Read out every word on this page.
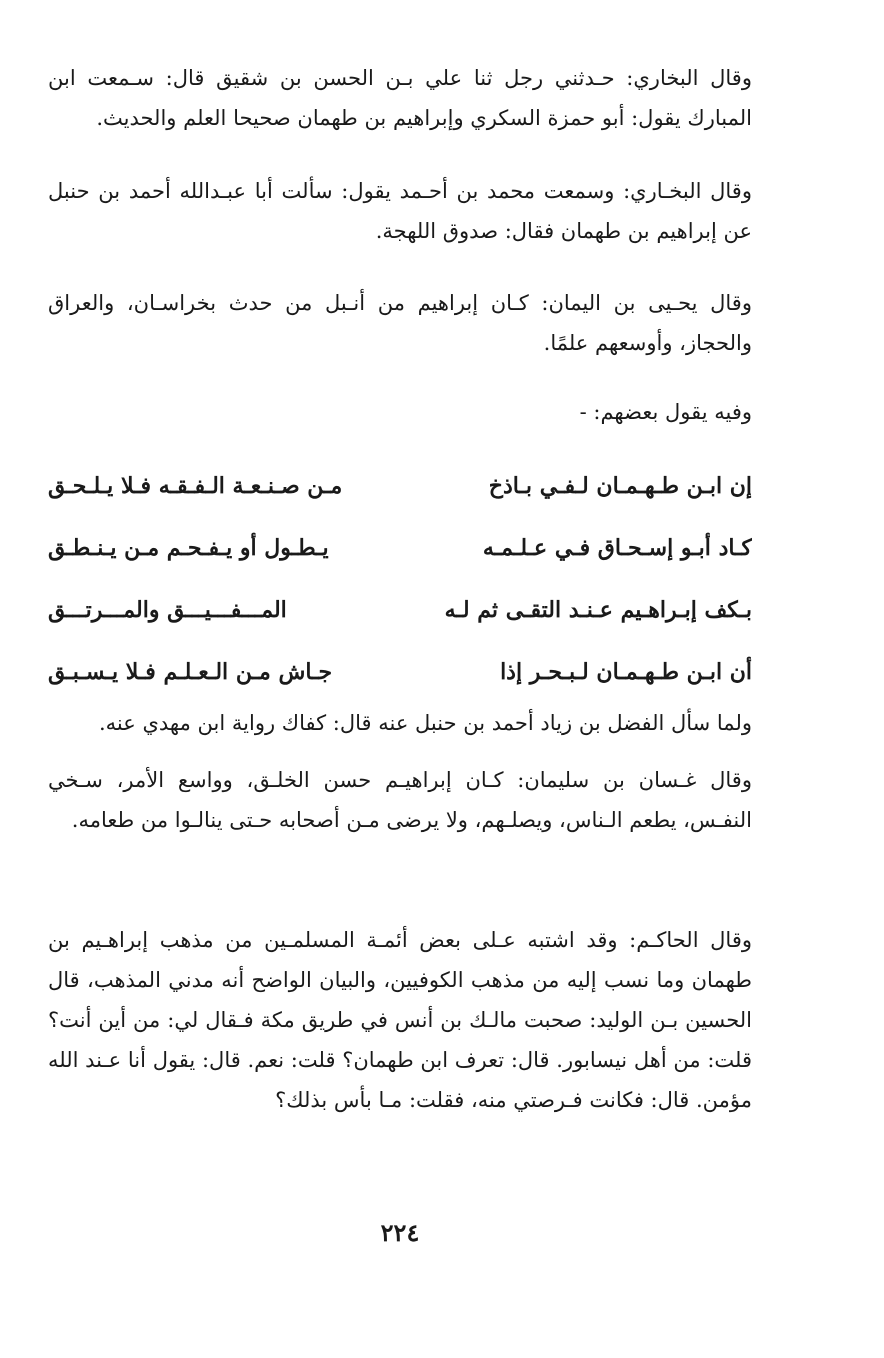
وقال البخاري: حـدثني رجل ثنا علي بـن الحسن بن شقيق قال: سـمعت ابن المبارك يقول: أبو حمزة السكري وإبراهيم بن طهمان صحيحا العلم والحديث.

وقال البخـاري: وسمعت محمد بن أحـمد يقول: سألت أبا عبـدالله أحمد بن حنبل عن إبراهيم بن طهمان فقال: صدوق اللهجة.

وقال يحـيى بن اليمان: كـان إبراهيم من أنـبل من حدث بخراسـان، والعراق والحجاز، وأوسعهم علمًا.

وفيه يقول بعضهم: -

إن ابـن طـهـمـان لـفـي بـاذخ
مـن صـنـعـة الـفـقـه فـلا يـلـحـق
كـاد أبـو إسـحـاق فـي عـلـمـه
يـطـول أو يـفـحـم مـن يـنـطـق
بـكف إبـراهـيم عـنـد التقـى ثم لـه
المـــفـــيـــق والمـــرتـــق
أن ابـن طـهـمـان لـبـحـر إذا
جـاش مـن الـعـلـم فـلا يـسـبـق

ولما سأل الفضل بن زياد أحمد بن حنبل عنه قال: كفاك رواية ابن مهدي عنه.

وقال غـسان بن سليمان: كـان إبراهيـم حسن الخلـق، وواسع الأمر، سـخي النفـس، يطعم الـناس، ويصلـهم، ولا يرضى مـن أصحابه حـتى ينالـوا من طعامه.

وقال الحاكـم: وقد اشتبه عـلى بعض أئمـة المسلمـين من مذهب إبراهـيم بن طهمان وما نسب إليه من مذهب الكوفيين، والبيان الواضح أنه مدني المذهب، قال الحسين بـن الوليد: صحبت مالـك بن أنس في طريق مكة فـقال لي: من أين أنت؟ قلت: من أهل نيسابور. قال: تعرف ابن طهمان؟ قلت: نعم. قال: يقول أنا عـند الله مؤمن. قال: فكانت فـرصتي منه، فقلت: مـا بأس بذلك؟

٢٢٤
